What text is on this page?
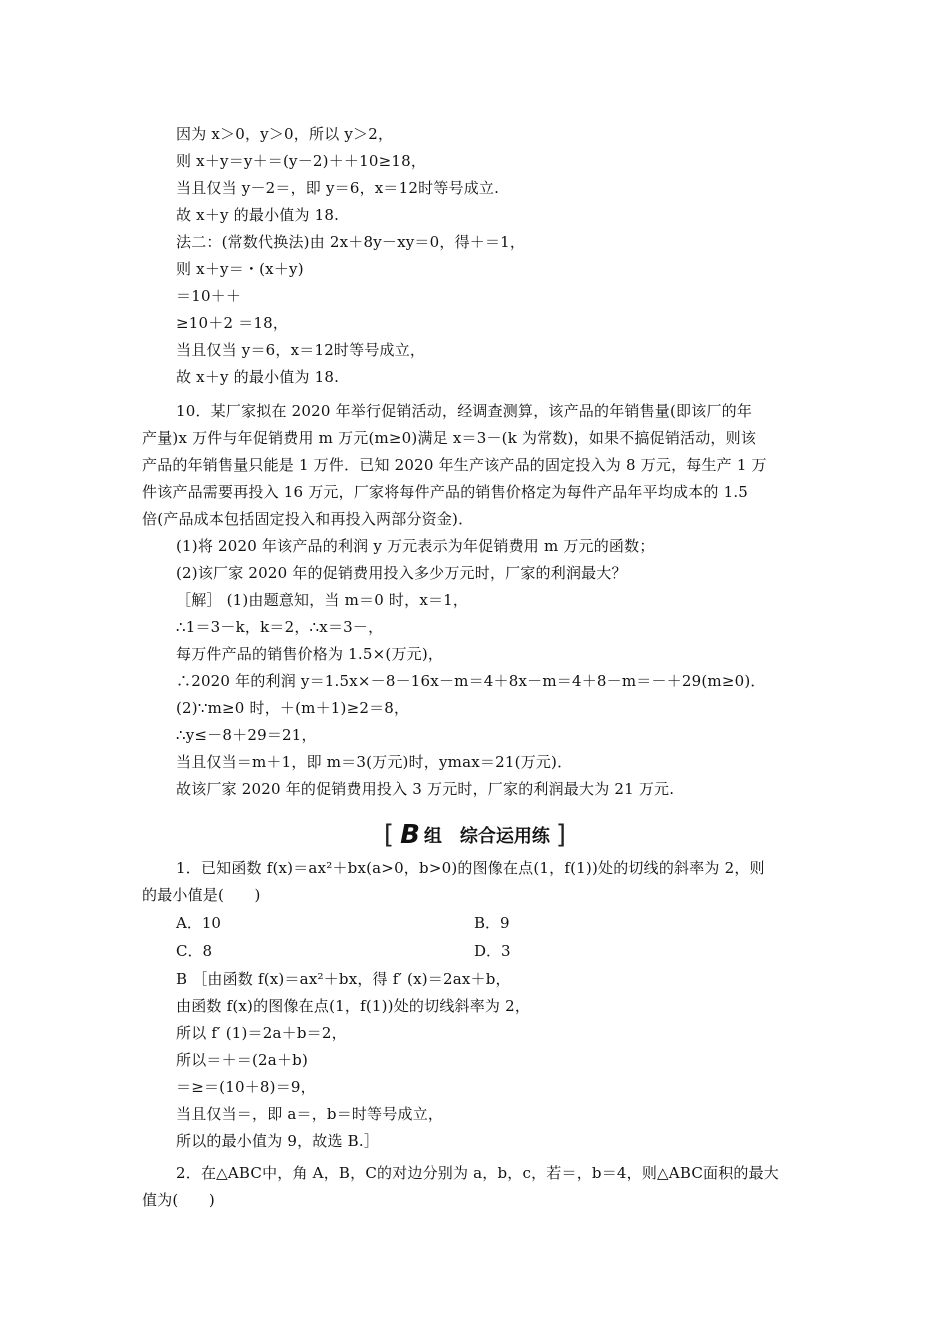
因为 x＞0，y＞0，所以 y＞2，
则 x＋y＝y＋＝(y－2)＋＋10≥18，
当且仅当 y－2＝，即 y＝6，x＝12时等号成立.
故 x＋y 的最小值为 18.
法二：(常数代换法)由 2x＋8y－xy＝0，得＋＝1，
则 x＋y＝・(x＋y)
＝10＋＋
≥10＋2 ＝18，
当且仅当 y＝6，x＝12时等号成立，
故 x＋y 的最小值为 18.
10．某厂家拟在 2020 年举行促销活动，经调查测算，该产品的年销售量(即该厂的年
产量)x 万件与年促销费用 m 万元(m≥0)满足 x＝3－(k 为常数)，如果不搞促销活动，则该
产品的年销售量只能是 1 万件．已知 2020 年生产该产品的固定投入为 8 万元，每生产 1 万
件该产品需要再投入 16 万元，厂家将每件产品的销售价格定为每件产品年平均成本的 1.5
倍(产品成本包括固定投入和再投入两部分资金)．
(1)将 2020 年该产品的利润 y 万元表示为年促销费用 m 万元的函数；
(2)该厂家 2020 年的促销费用投入多少万元时，厂家的利润最大？
［解］ (1)由题意知，当 m＝0 时，x＝1，
∴1＝3－k，k＝2，∴x＝3－，
每万件产品的销售价格为 1.5×(万元)，
∴2020 年的利润 y＝1.5x×－8－16x－m＝4＋8x－m＝4＋8－m＝－＋29(m≥0)．
(2)∵m≥0 时，＋(m＋1)≥2＝8，
∴y≤－8＋29＝21，
当且仅当＝m＋1，即 m＝3(万元)时，ymax＝21(万元)．
故该厂家 2020 年的促销费用投入 3 万元时，厂家的利润最大为 21 万元.
[ B 组 综合运用练 ]
1．已知函数 f(x)＝ax²＋bx(a>0，b>0)的图像在点(1，f(1))处的切线的斜率为 2，则
的最小值是(　　)
A．10	B．9
C．8	D．3
B ［由函数 f(x)＝ax²＋bx，得 f′ (x)＝2ax＋b，
由函数 f(x)的图像在点(1，f(1))处的切线斜率为 2，
所以 f′ (1)＝2a＋b＝2，
所以＝＋＝(2a＋b)
＝≥＝(10＋8)＝9，
当且仅当＝，即 a＝，b＝时等号成立，
所以的最小值为 9，故选 B.］
2．在△ABC中，角 A，B，C的对边分别为 a，b，c，若＝，b＝4，则△ABC面积的最大
值为(　　)
